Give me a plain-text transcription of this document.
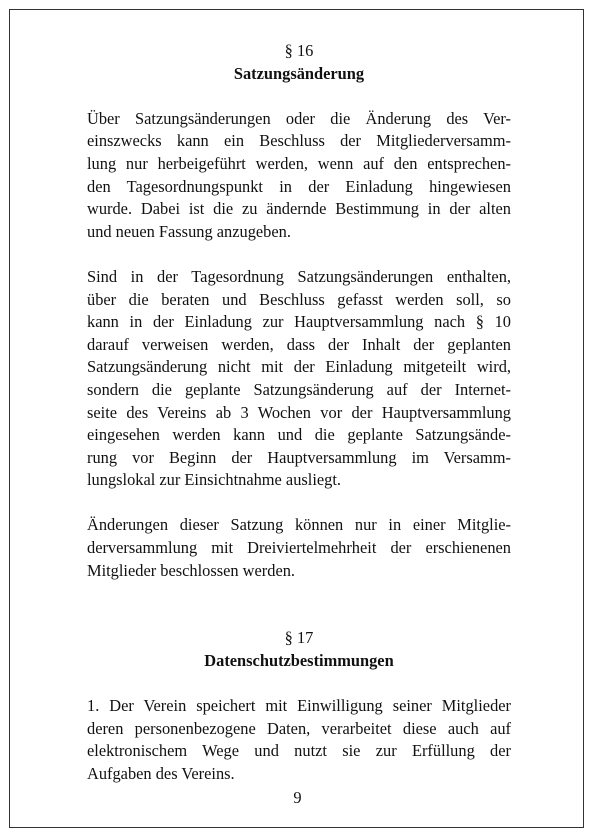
§ 16

Satzungsänderung

Über Satzungsänderungen oder die Änderung des Ver-
einszwecks kann ein Beschluss der Mitgliederversamm-
lung nur herbeigeführt werden, wenn auf den entsprechen-
den Tagesordnungspunkt in der Einladung hingewiesen
wurde. Dabei ist die zu ändernde Bestimmung in der alten
und neuen Fassung anzugeben.

Sind in der Tagesordnung Satzungsänderungen enthalten,
über die beraten und Beschluss gefasst werden soll, so
kann in der Einladung zur Hauptversammlung nach § 10
darauf verweisen werden, dass der Inhalt der geplanten
Satzungsänderung nicht mit der Einladung mitgeteilt wird,
sondern die geplante Satzungsänderung auf der Internet-
seite des Vereins ab 3 Wochen vor der Hauptversammlung
eingesehen werden kann und die geplante Satzungsände-
rung vor Beginn der Hauptversammlung im Versamm-
lungslokal zur Einsichtnahme ausliegt.

Änderungen dieser Satzung können nur in einer Mitglie-
derversammlung mit Dreiviertelmehrheit der erschienenen
Mitglieder beschlossen werden.

§ 17

Datenschutzbestimmungen

1. Der Verein speichert mit Einwilligung seiner Mitglieder
deren personenbezogene Daten, verarbeitet diese auch auf
elektronischem Wege und nutzt sie zur Erfüllung der
Aufgaben des Vereins.

9
